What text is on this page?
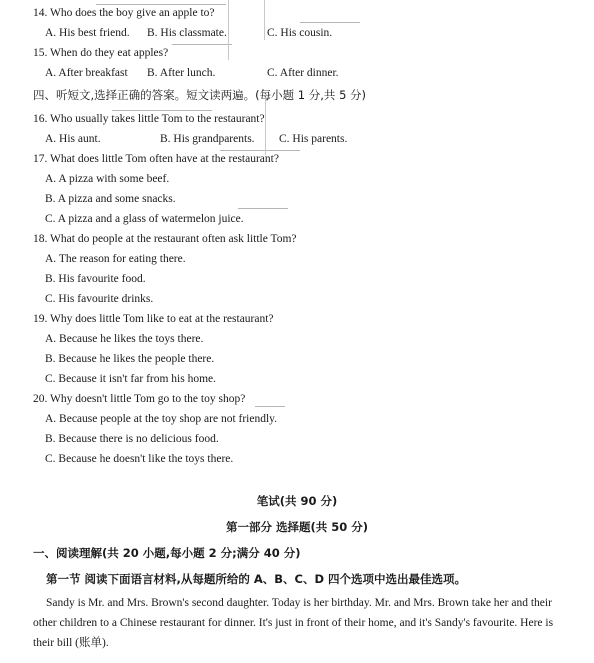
14. Who does the boy give an apple to?
A. His best friend. B. His classmate.	C. His cousin.
15. When do they eat apples?
A. After breakfast B. After lunch.	C. After dinner.
四、听短文,选择正确的答案。短文读两遍。(每小题 1 分,共 5 分)
16. Who usually takes little Tom to the restaurant?
A. His aunt.	B. His grandparents. C. His parents.
17. What does little Tom often have at the restaurant?
A. A pizza with some beef.
B. A pizza and some snacks.
C. A pizza and a glass of watermelon juice.
18. What do people at the restaurant often ask little Tom?
A. The reason for eating there.
B. His favourite food.
C. His favourite drinks.
19. Why does little Tom like to eat at the restaurant?
A. Because he likes the toys there.
B. Because he likes the people there.
C. Because it isn't far from his home.
20. Why doesn't little Tom go to the toy shop?
A. Because people at the toy shop are not friendly.
B. Because there is no delicious food.
C. Because he doesn't like the toys there.
笔试(共 90 分)
第一部分 选择题(共 50 分)
一、阅读理解(共 20 小题,每小题 2 分;满分 40 分)
第一节 阅读下面语言材料,从每题所给的 A、B、C、D 四个选项中选出最佳选项。
Sandy is Mr. and Mrs. Brown's second daughter. Today is her birthday. Mr. and Mrs. Brown take her and their other children to a Chinese restaurant for dinner. It's just in front of their home, and it's Sandy's favourite. Here is their bill (账单).
